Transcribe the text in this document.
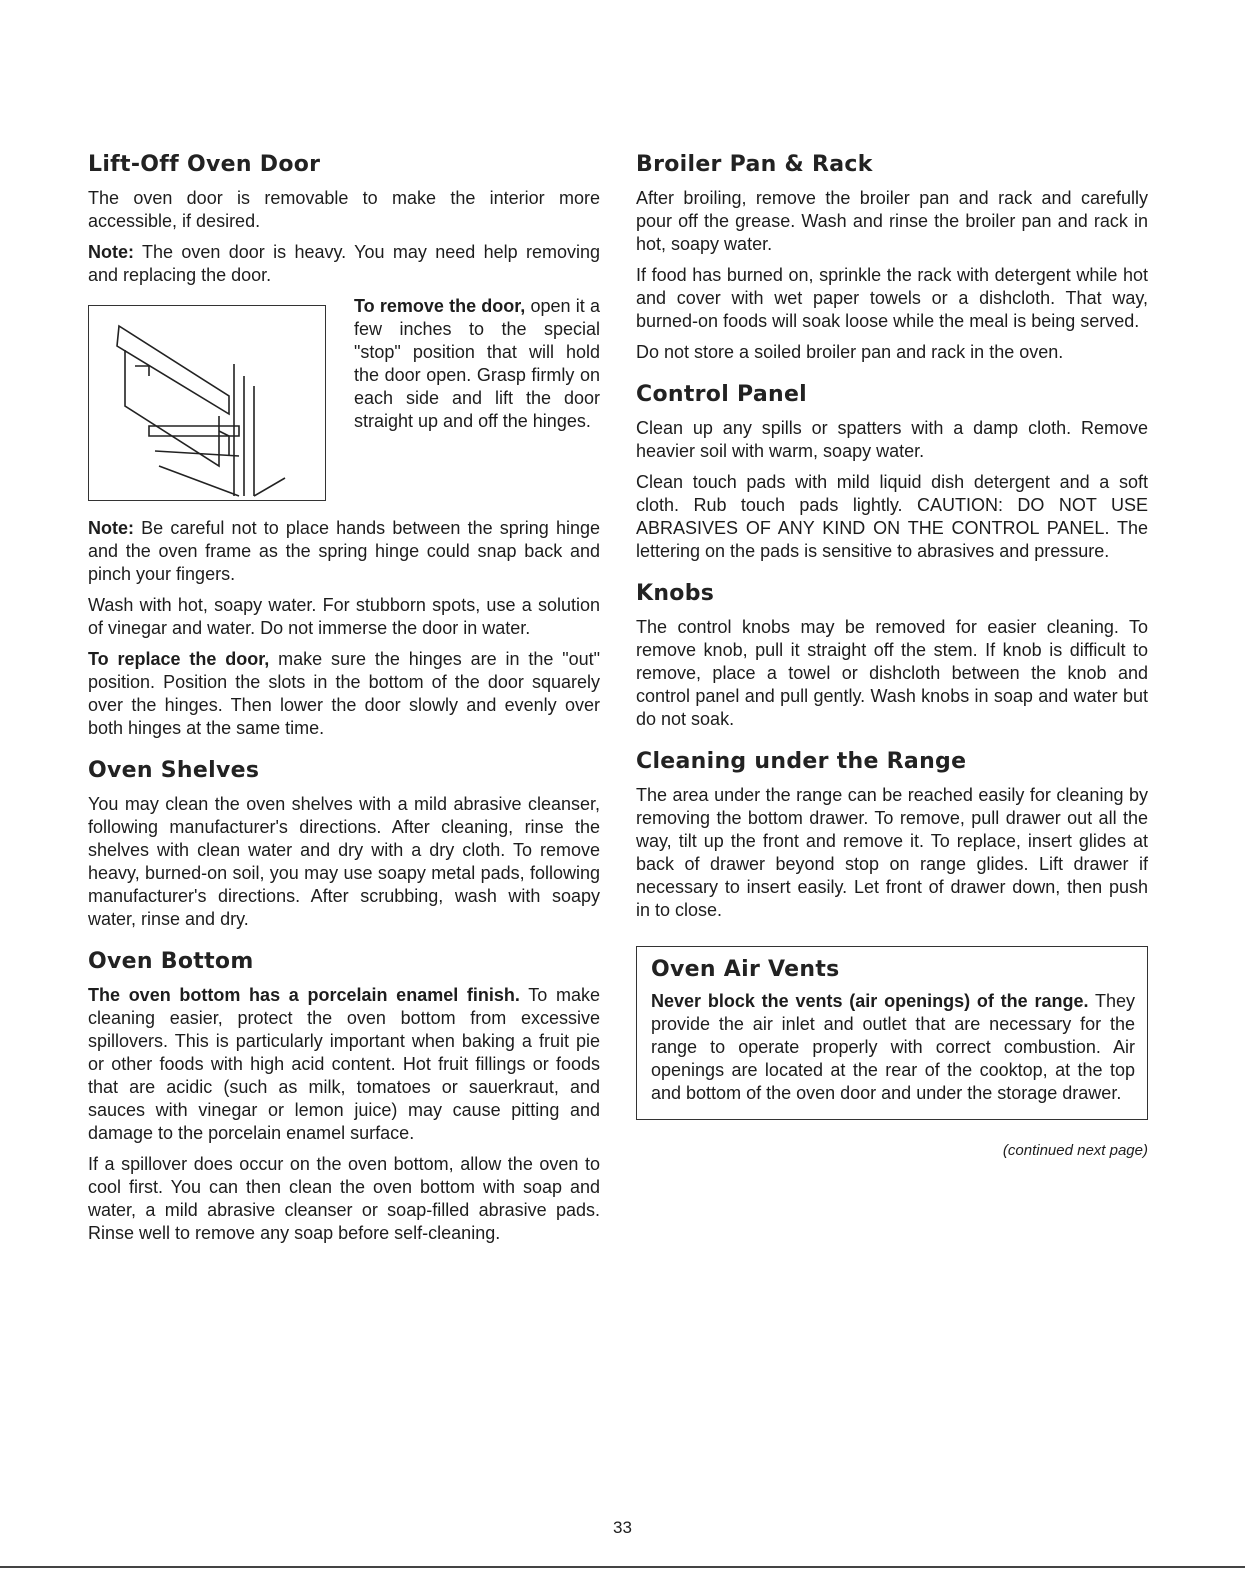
Lift-Off Oven Door

The oven door is removable to make the interior more accessible, if desired.

Note: The oven door is heavy. You may need help removing and replacing the door.

To remove the door, open it a few inches to the special "stop" position that will hold the door open. Grasp firmly on each side and lift the door straight up and off the hinges.

Note: Be careful not to place hands between the spring hinge and the oven frame as the spring hinge could snap back and pinch your fingers.

Wash with hot, soapy water. For stubborn spots, use a solution of vinegar and water. Do not immerse the door in water.

To replace the door, make sure the hinges are in the "out" position. Position the slots in the bottom of the door squarely over the hinges. Then lower the door slowly and evenly over both hinges at the same time.

Oven Shelves

You may clean the oven shelves with a mild abrasive cleanser, following manufacturer's directions. After cleaning, rinse the shelves with clean water and dry with a dry cloth. To remove heavy, burned-on soil, you may use soapy metal pads, following manufacturer's directions. After scrubbing, wash with soapy water, rinse and dry.

Oven Bottom

The oven bottom has a porcelain enamel finish. To make cleaning easier, protect the oven bottom from excessive spillovers. This is particularly important when baking a fruit pie or other foods with high acid content. Hot fruit fillings or foods that are acidic (such as milk, tomatoes or sauerkraut, and sauces with vinegar or lemon juice) may cause pitting and damage to the porcelain enamel surface.

If a spillover does occur on the oven bottom, allow the oven to cool first. You can then clean the oven bottom with soap and water, a mild abrasive cleanser or soap-filled abrasive pads. Rinse well to remove any soap before self-cleaning.

Broiler Pan & Rack

After broiling, remove the broiler pan and rack and carefully pour off the grease. Wash and rinse the broiler pan and rack in hot, soapy water.

If food has burned on, sprinkle the rack with detergent while hot and cover with wet paper towels or a dishcloth. That way, burned-on foods will soak loose while the meal is being served.

Do not store a soiled broiler pan and rack in the oven.

Control Panel

Clean up any spills or spatters with a damp cloth. Remove heavier soil with warm, soapy water.

Clean touch pads with mild liquid dish detergent and a soft cloth. Rub touch pads lightly. CAUTION: DO NOT USE ABRASIVES OF ANY KIND ON THE CONTROL PANEL. The lettering on the pads is sensitive to abrasives and pressure.

Knobs

The control knobs may be removed for easier cleaning. To remove knob, pull it straight off the stem. If knob is difficult to remove, place a towel or dishcloth between the knob and control panel and pull gently. Wash knobs in soap and water but do not soak.

Cleaning under the Range

The area under the range can be reached easily for cleaning by removing the bottom drawer. To remove, pull drawer out all the way, tilt up the front and remove it. To replace, insert glides at back of drawer beyond stop on range glides. Lift drawer if necessary to insert easily. Let front of drawer down, then push in to close.

Oven Air Vents

Never block the vents (air openings) of the range. They provide the air inlet and outlet that are necessary for the range to operate properly with correct combustion. Air openings are located at the rear of the cooktop, at the top and bottom of the oven door and under the storage drawer.

(continued next page)
33
